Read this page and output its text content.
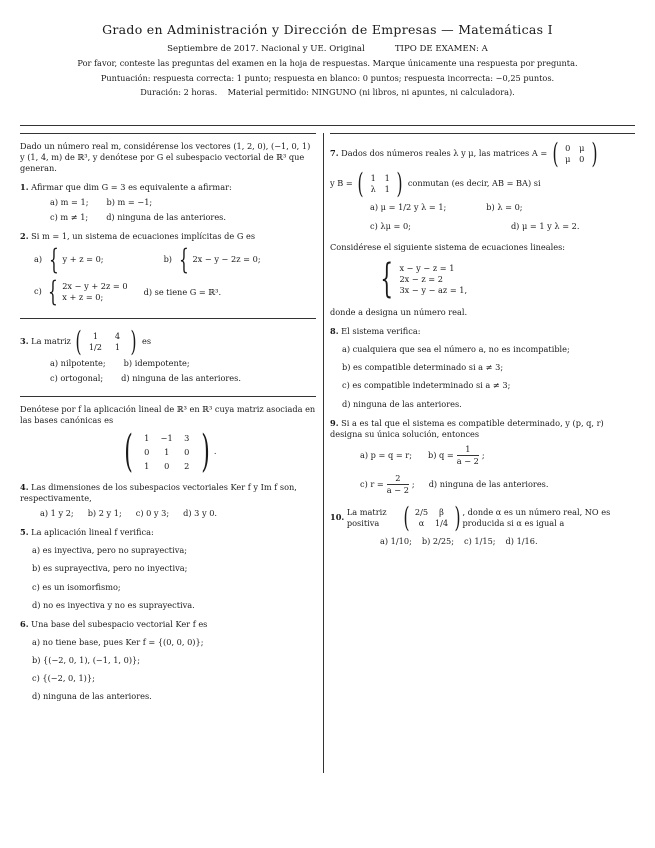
Grado en Administración y Dirección de Empresas — Matemáticas I
Septiembre de 2017. Nacional y UE. Original	TIPO DE EXAMEN: A
Por favor, conteste las preguntas del examen en la hoja de respuestas. Marque únicamente una respuesta por pregunta.
Puntuación: respuesta correcta: 1 punto; respuesta en blanco: 0 puntos; respuesta incorrecta: −0,25 puntos.
Duración: 2 horas. Material permitido: NINGUNO (ni libros, ni apuntes, ni calculadora).

Dado un número real m, considérense los vectores (1, 2, 0), (−1, 0, 1) y (1, 4, m) de ℝ³, y denótese por G el subespacio vectorial de ℝ³ que generan.

1. Afirmar que dim G = 3 es equivalente a afirmar:

a) m = 1; b) m = −1;
c) m ≠ 1; d) ninguna de las anteriores.

2. Si m = 1, un sistema de ecuaciones implícitas de G es

a) { y + z = 0;	b) { 2x − y − 2z = 0;
c) { 2x − y + 2z = 0
x + z = 0;
d) se tiene G = ℝ³.

3.
La matriz
(	1	4
1/2	1 )
es

a) nilpotente; b) idempotente;
c) ortogonal; d) ninguna de las anteriores.

Denótese por f la aplicación lineal de ℝ³ en ℝ³ cuya matriz asociada en las bases canónicas es

(	1	−1	3
0	1	0
1	0	2 ) .

4. Las dimensiones de los subespacios vectoriales Ker f y Im f son, respectivamente,

a) 1 y 2; b) 2 y 1; c) 0 y 3; d) 3 y 0.

5. La aplicación lineal f verifica:

a) es inyectiva, pero no suprayectiva;
b) es suprayectiva, pero no inyectiva;
c) es un isomorfismo;
d) no es inyectiva y no es suprayectiva.

6. Una base del subespacio vectorial Ker f es

a) no tiene base, pues Ker f = {(0, 0, 0)};
b) {(−2, 0, 1), (−1, 1, 0)};
c) {(−2, 0, 1)};
d) ninguna de las anteriores.

7.
Dados dos números reales λ y μ, las matrices A =
( 0	μ
μ	0 )

y B =
( 1	1
λ	1 )
conmutan (es decir, AB = BA) si

a) μ = 1/2 y λ = 1;	b) λ = 0;
c) λμ = 0;	d) μ = 1 y λ = 2.

Considérese el siguiente sistema de ecuaciones lineales:

{ x − y − z = 1
2x − z = 2
3x − y − az = 1,

donde a designa un número real.

8. El sistema verifica:

a) cualquiera que sea el número a, no es incompatible;
b) es compatible determinado si a ≠ 3;
c) es compatible indeterminado si a ≠ 3;
d) ninguna de las anteriores.

9. Si a es tal que el sistema es compatible determinado, y (p, q, r) designa su única solución, entonces

a) p = q = r; b) $q = \frac{1}{a - 2}$ ;
c) $r = \frac{2}{a - 2}$ ; d) ninguna de las anteriores.

10.

La matriz positiva
( 2/5	β
α	1/4 ) , donde α es un número real, NO es producida si α es igual a

a) 1/10; b) 2/25; c) 1/15; d) 1/16.
